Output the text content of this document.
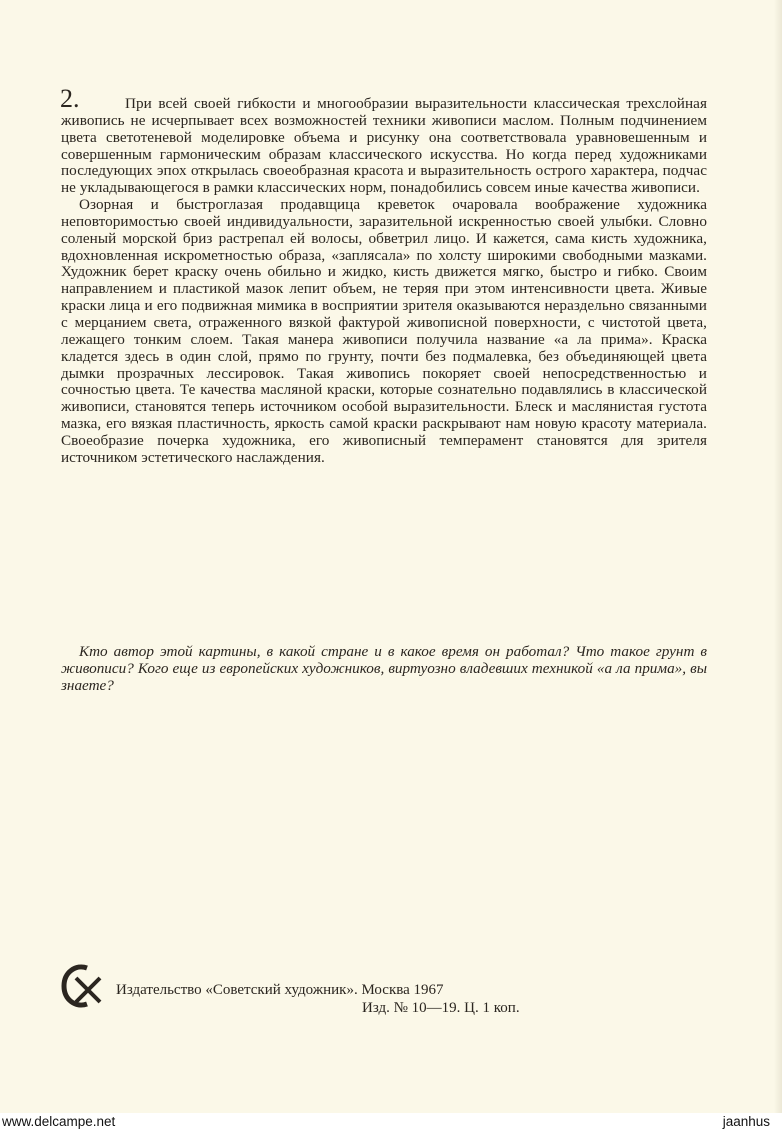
2.	При всей своей гибкости и многообразии выразительности классическая трехслойная живопись не исчерпывает всех возможностей техники живописи маслом. Полным подчинением цвета светотеневой моделировке объема и рисунку она соответствовала уравновешенным и совершенным гармоническим образам классического искусства. Но когда перед художниками последующих эпох открылась своеобразная красота и выразительность острого характера, подчас не укладывающегося в рамки классических норм, понадобились совсем иные качества живописи.

Озорная и быстроглазая продавщица креветок очаровала воображение художника неповторимостью своей индивидуальности, заразительной искренностью своей улыбки. Словно соленый морской бриз растрепал ей волосы, обветрил лицо. И кажется, сама кисть художника, вдохновленная искрометностью образа, «заплясала» по холсту широкими свободными мазками. Художник берет краску очень обильно и жидко, кисть движется мягко, быстро и гибко. Своим направлением и пластикой мазок лепит объем, не теряя при этом интенсивности цвета. Живые краски лица и его подвижная мимика в восприятии зрителя оказываются нераздельно связанными с мерцанием света, отраженного вязкой фактурой живописной поверхности, с чистотой цвета, лежащего тонким слоем. Такая манера живописи получила название «а ла прима». Краска кладется здесь в один слой, прямо по грунту, почти без подмалевка, без объединяющей цвета дымки прозрачных лессировок. Такая живопись покоряет своей непосредственностью и сочностью цвета. Те качества масляной краски, которые сознательно подавлялись в классической живописи, становятся теперь источником особой выразительности. Блеск и маслянистая густота мазка, его вязкая пластичность, яркость самой краски раскрывают нам новую красоту материала. Своеобразие почерка художника, его живописный темперамент становятся для зрителя источником эстетического наслаждения.

Кто автор этой картины, в какой стране и в какое время он работал? Что такое грунт в живописи? Кого еще из европейских художников, виртуозно владевших техникой «а ла прима», вы знаете?

Издательство «Советский художник». Москва 1967
Изд. № 10—19. Ц. 1 коп.
www.delcampe.net	jaanhus
